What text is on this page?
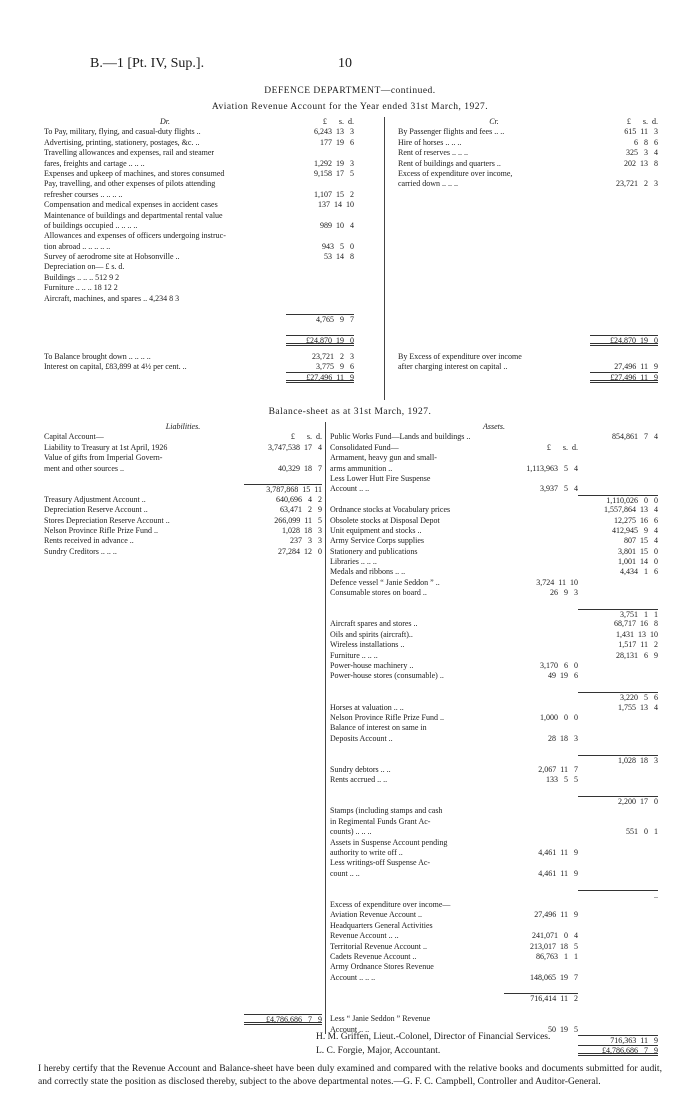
B.—1 [Pt. IV, Sup.].	10
DEFENCE DEPARTMENT—continued.
Aviation Revenue Account for the Year ended 31st March, 1927.
Dr.	£      s.  d.
To Pay, military, flying, and casual-duty flights ..	6,243  13   3
Advertising, printing, stationery, postages, &c. ..	177  19   6
Travelling allowances and expenses, rail and steamer
fares, freights and cartage .. .. ..	1,292  19   3
Expenses and upkeep of machines, and stores consumed	9,158  17   5
Pay, travelling, and other expenses of pilots attending
refresher courses .. .. .. ..	1,107  15   2
Compensation and medical expenses in accident cases	137  14  10
Maintenance of buildings and departmental rental value
of buildings occupied .. .. .. ..	989  10   4
Allowances and expenses of officers undergoing instruc-
tion abroad .. .. .. .. ..	943   5   0
Survey of aerodrome site at Hobsonville ..	53  14   8
Depreciation on— £ s. d.
Buildings .. .. .. 512 9 2
Furniture .. .. .. 18 12 2
Aircraft, machines, and spares .. 4,234 8 3
4,765   9   7
£24,870  19   0
To Balance brought down .. .. .. ..	23,721   2   3
Interest on capital, £83,899 at 4½ per cent. ..	3,775   9   6
£27,496  11   9
Cr.	£      s.  d.
By Passenger flights and fees .. ..	615  11   3
Hire of horses .. .. ..	6   8   6
Rent of reserves .. .. ..	325   3   4
Rent of buildings and quarters ..	202  13   8
Excess of expenditure over income,
carried down .. .. ..	23,721   2   3
£24,870  19   0
By Excess of expenditure over income
after charging interest on capital ..	27,496  11   9
£27,496  11   9
Balance-sheet as at 31st March, 1927.
Liabilities.
Capital Account—	£      s.  d.
Liability to Treasury at 1st April, 1926	3,747,538  17   4
Value of gifts from Imperial Govern-
ment and other sources ..	40,329  18   7
3,787,868  15  11
Treasury Adjustment Account ..	640,696   4   2
Depreciation Reserve Account ..	63,471   2   9
Stores Depreciation Reserve Account ..	266,099  11   5
Nelson Province Rifle Prize Fund ..	1,028  18   3
Rents received in advance ..	237   3   3
Sundry Creditors .. .. ..	27,284  12   0
£4,786,686   7   9
Assets.
Public Works Fund—Lands and buildings ..	854,861   7   4
Consolidated Fund—	£      s.  d.
Armament, heavy gun and small-
arms ammunition ..	1,113,963   5   4
Less Lower Hutt Fire Suspense
Account .. ..	3,937   5   4
1,110,026   0   0
Ordnance stocks at Vocabulary prices	1,557,864  13   4
Obsolete stocks at Disposal Depot	12,275  16   6
Unit equipment and stocks ..	412,945   9   4
Army Service Corps supplies	807  15   4
Stationery and publications	3,801  15   0
Libraries .. .. ..	1,001  14   0
Medals and ribbons .. ..	4,434   1   6
Defence vessel “ Janie Seddon ” ..	3,724  11  10
Consumable stores on board ..	26   9   3
3,751   1   1
Aircraft spares and stores ..	68,717  16   8
Oils and spirits (aircraft)..	1,431  13  10
Wireless installations ..	1,517  11   2
Furniture .. .. ..	28,131   6   9
Power-house machinery ..	3,170   6   0
Power-house stores (consumable) ..	49  19   6
3,220   5   6
Horses at valuation .. ..	1,755  13   4
Nelson Province Rifle Prize Fund ..	1,000   0   0
Balance of interest on same in
Deposits Account ..	28  18   3
1,028  18   3
Sundry debtors .. ..	2,067  11   7
Rents accrued .. ..	133   5   5
2,200  17   0
Stamps (including stamps and cash
in Regimental Funds Grant Ac-
counts) .. .. ..	551   0   1
Assets in Suspense Account pending
authority to write off ..	4,461  11   9
Less writings-off Suspense Ac-
count .. ..	4,461  11   9
..
Excess of expenditure over income—
Aviation Revenue Account ..	27,496  11   9
Headquarters General Activities
Revenue Account .. ..	241,071   0   4
Territorial Revenue Account ..	213,017  18   5
Cadets Revenue Account ..	86,763   1   1
Army Ordnance Stores Revenue
Account .. .. ..	148,065  19   7
716,414  11   2
Less “ Janie Seddon ” Revenue
Account .. ..	50  19   5
716,363  11   9
£4,786,686   7   9
H. M. Griffen, Lieut.-Colonel, Director of Financial Services.
L. C. Forgie, Major, Accountant.
I hereby certify that the Revenue Account and Balance-sheet have been duly examined and compared with the relative books and documents submitted for audit, and correctly state the position as disclosed thereby, subject to the above departmental notes.—G. F. C. Campbell, Controller and Auditor-General.
